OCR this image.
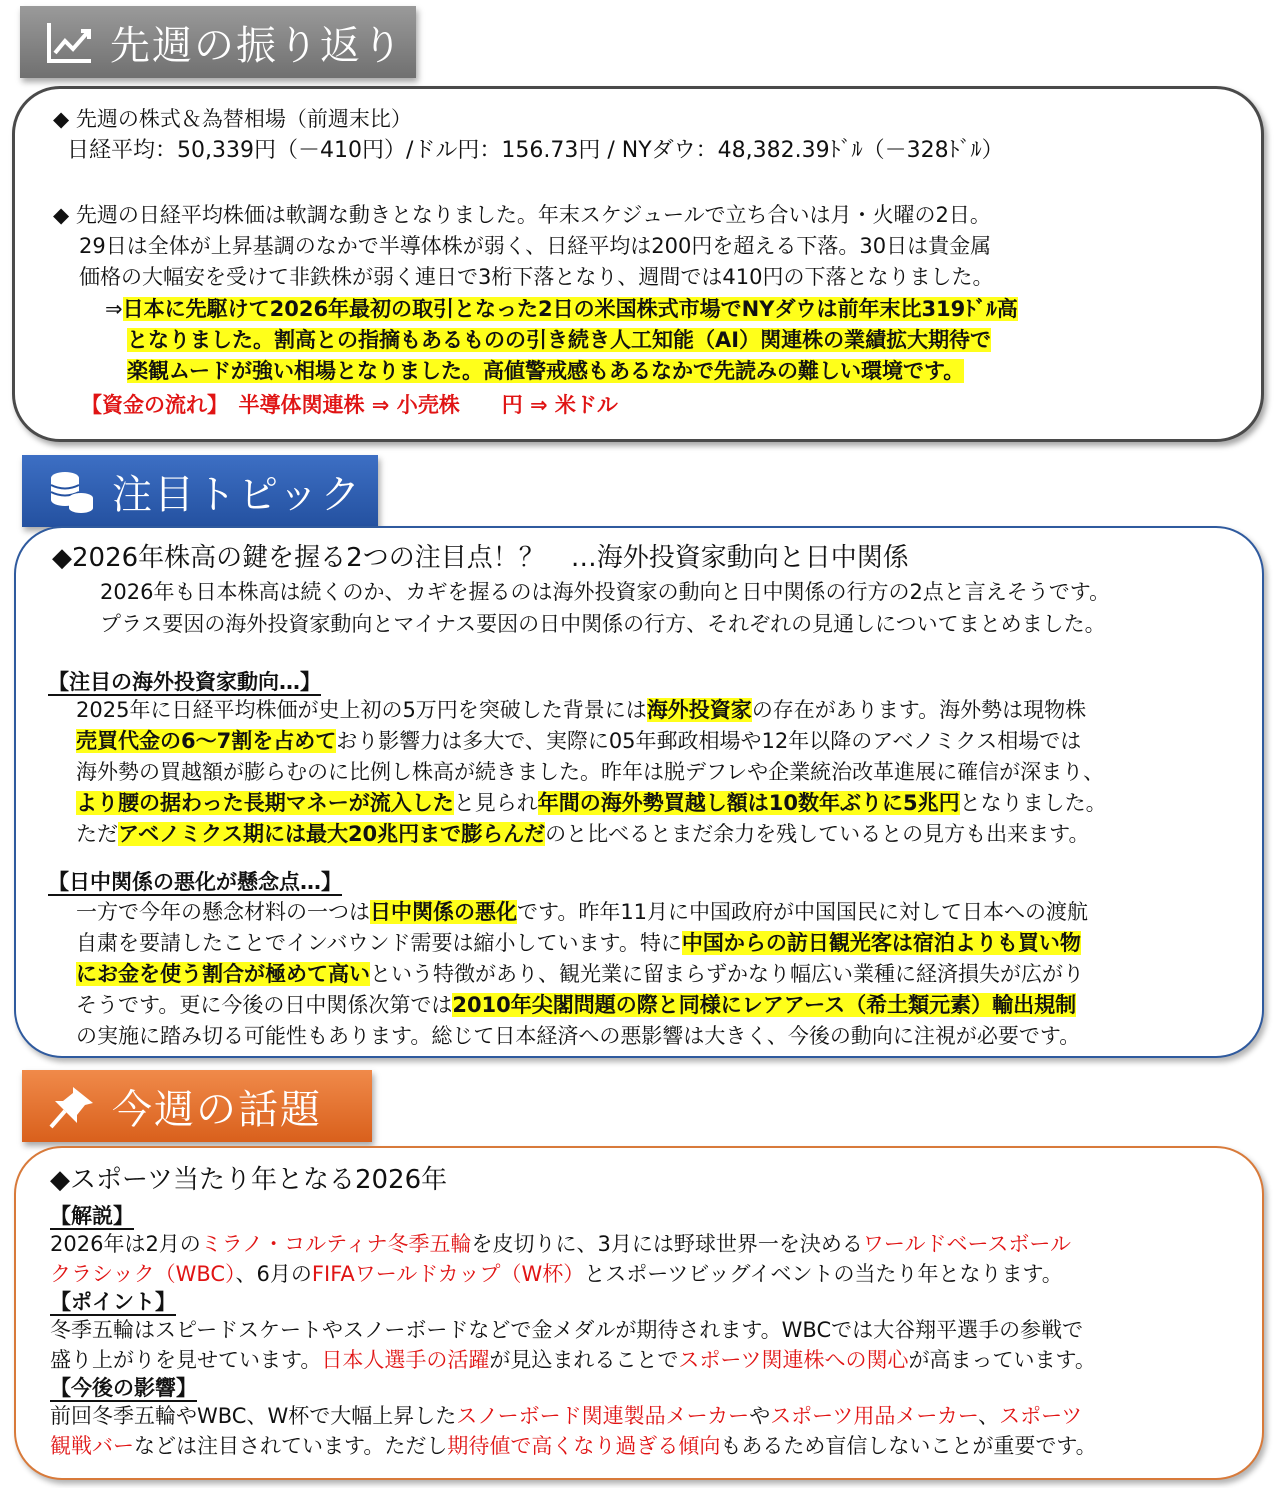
先週の振り返り
◆ 先週の株式＆為替相場（前週末比）
日経平均：50,339円（－410円）/ドル円：156.73円 / NYダウ：48,382.39ﾄﾞﾙ（－328ﾄﾞﾙ）
◆ 先週の日経平均株価は軟調な動きとなりました。年末スケジュールで立ち合いは月・火曜の2日。
29日は全体が上昇基調のなかで半導体株が弱く、日経平均は200円を超える下落。30日は貴金属
価格の大幅安を受けて非鉄株が弱く連日で3桁下落となり、週間では410円の下落となりました。
⇒日本に先駆けて2026年最初の取引となった2日の米国株式市場でNYダウは前年末比319ﾄﾞﾙ高
となりました。割高との指摘もあるものの引き続き人工知能（AI）関連株の業績拡大期待で
楽観ムードが強い相場となりました。高値警戒感もあるなかで先読みの難しい環境です。
【資金の流れ】　半導体関連株 ⇒ 小売株　　円 ⇒ 米ドル
注目トピック
◆2026年株高の鍵を握る2つの注目点！？　…海外投資家動向と日中関係
2026年も日本株高は続くのか、カギを握るのは海外投資家の動向と日中関係の行方の2点と言えそうです。
プラス要因の海外投資家動向とマイナス要因の日中関係の行方、それぞれの見通しについてまとめました。
【注目の海外投資家動向…】
2025年に日経平均株価が史上初の5万円を突破した背景には海外投資家の存在があります。海外勢は現物株
売買代金の6～7割を占めており影響力は多大で、実際に05年郵政相場や12年以降のアベノミクス相場では
海外勢の買越額が膨らむのに比例し株高が続きました。昨年は脱デフレや企業統治改革進展に確信が深まり、
より腰の据わった長期マネーが流入したと見られ年間の海外勢買越し額は10数年ぶりに5兆円となりました。
ただアベノミクス期には最大20兆円まで膨らんだのと比べるとまだ余力を残しているとの見方も出来ます。
【日中関係の悪化が懸念点…】
一方で今年の懸念材料の一つは日中関係の悪化です。昨年11月に中国政府が中国国民に対して日本への渡航
自粛を要請したことでインバウンド需要は縮小しています。特に中国からの訪日観光客は宿泊よりも買い物
にお金を使う割合が極めて高いという特徴があり、観光業に留まらずかなり幅広い業種に経済損失が広がり
そうです。更に今後の日中関係次第では2010年尖閣問題の際と同様にレアアース（希土類元素）輸出規制
の実施に踏み切る可能性もあります。総じて日本経済への悪影響は大きく、今後の動向に注視が必要です。
今週の話題
◆スポーツ当たり年となる2026年
【解説】
2026年は2月のミラノ・コルティナ冬季五輪を皮切りに、3月には野球世界一を決めるワールドベースボール
クラシック（WBC）、6月のFIFAワールドカップ（W杯）とスポーツビッグイベントの当たり年となります。
【ポイント】
冬季五輪はスピードスケートやスノーボードなどで金メダルが期待されます。WBCでは大谷翔平選手の参戦で
盛り上がりを見せています。日本人選手の活躍が見込まれることでスポーツ関連株への関心が高まっています。
【今後の影響】
前回冬季五輪やWBC、W杯で大幅上昇したスノーボード関連製品メーカーやスポーツ用品メーカー、スポーツ
観戦バーなどは注目されています。ただし期待値で高くなり過ぎる傾向もあるため盲信しないことが重要です。
